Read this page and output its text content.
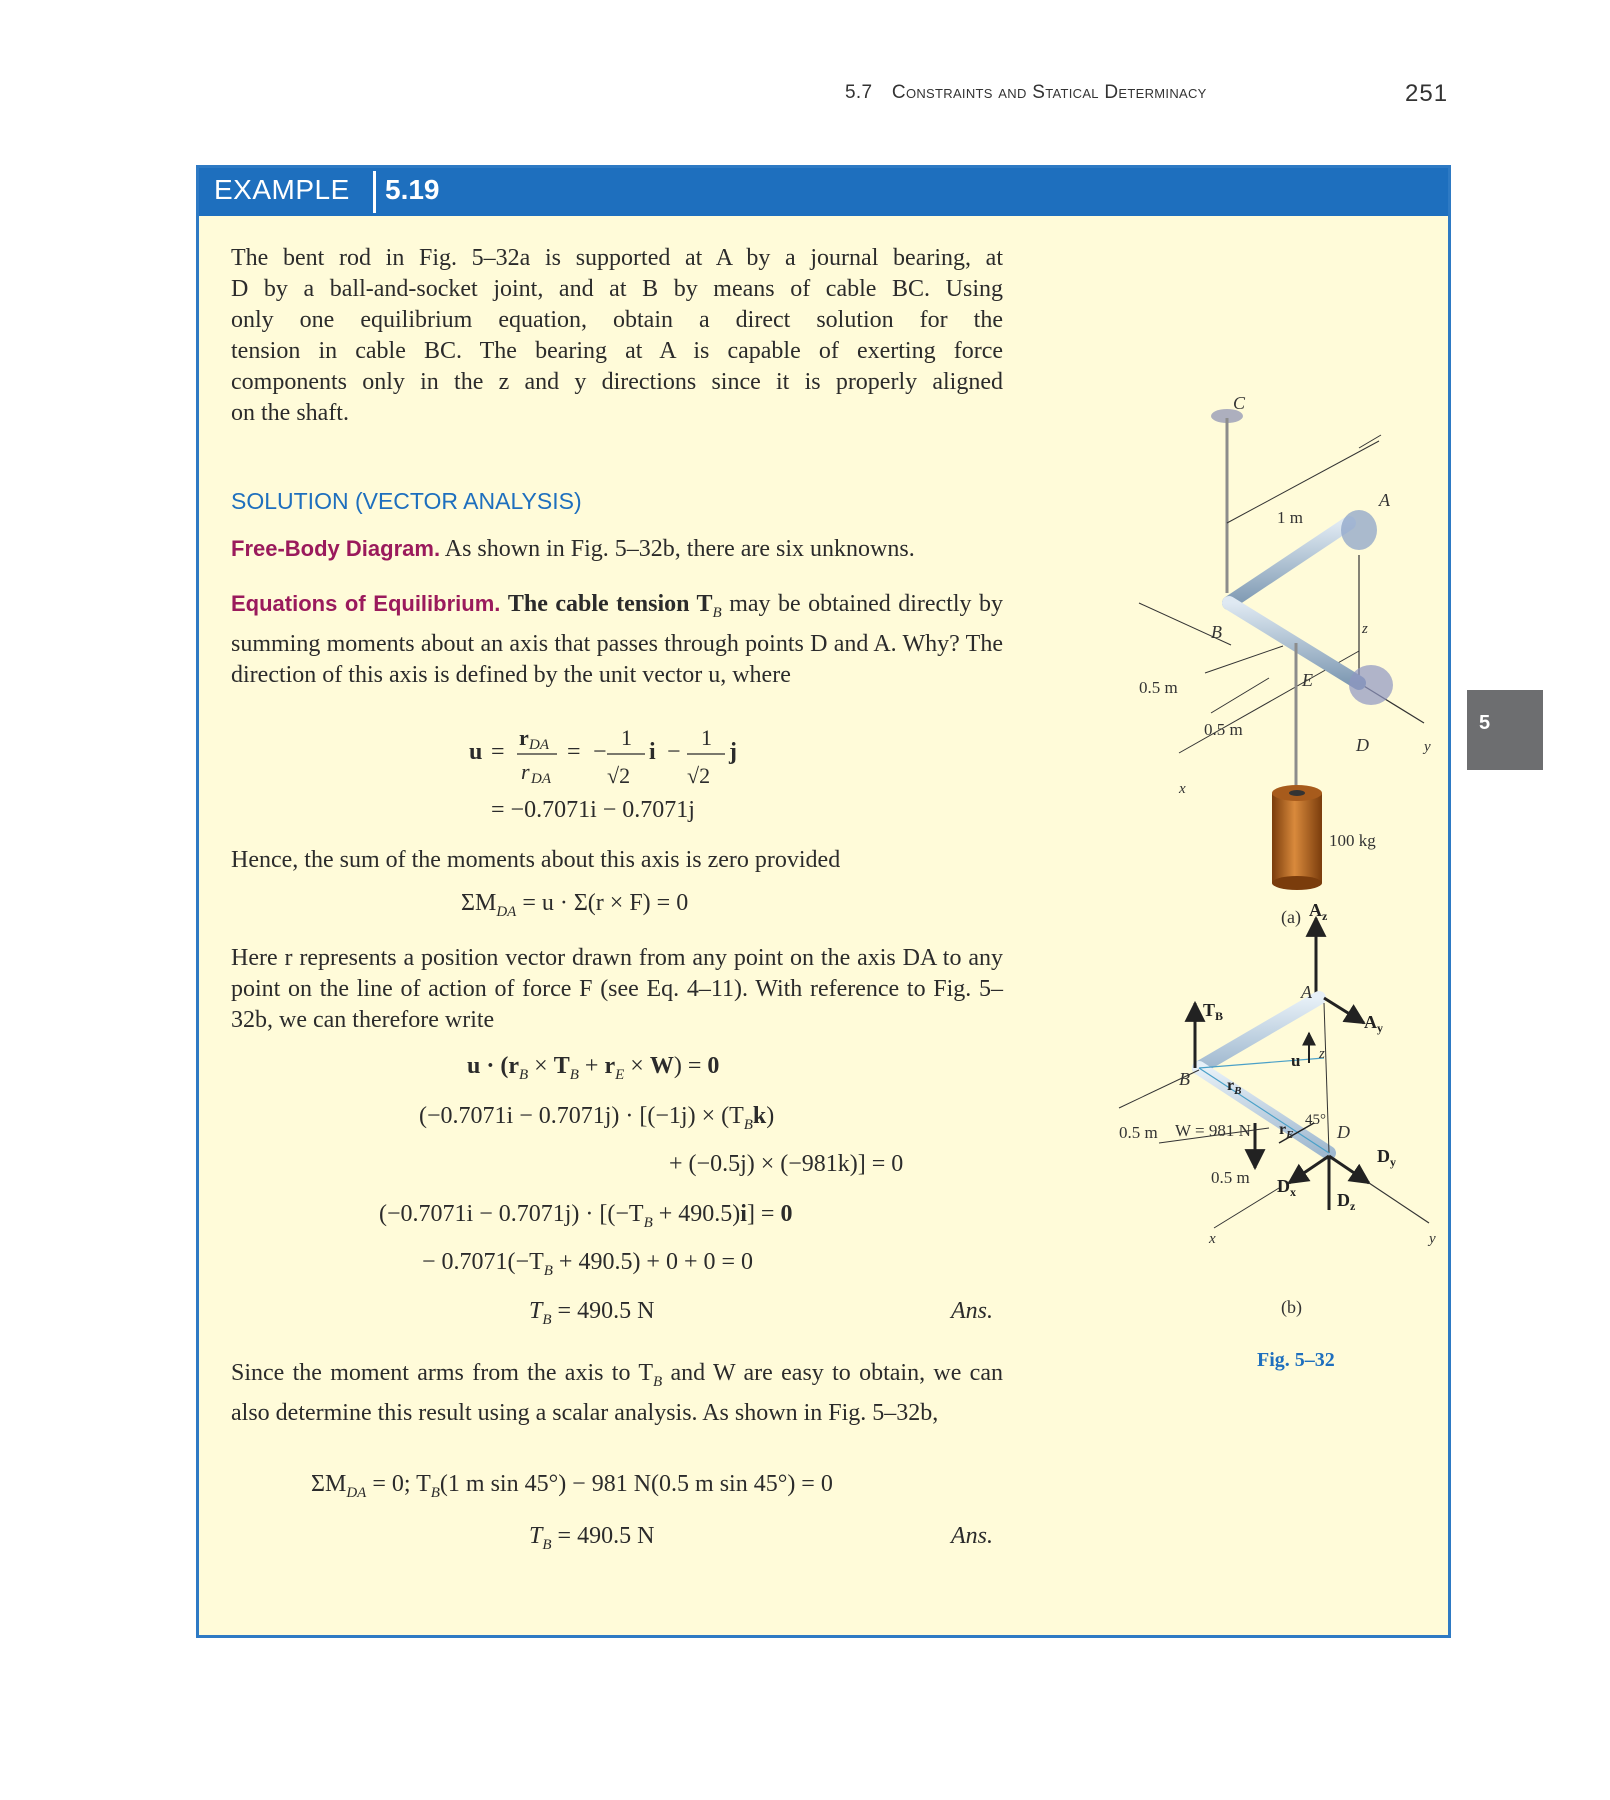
5.7 Constraints and Statical Determinacy	251
5
EXAMPLE 5.19
The bent rod in Fig. 5–32a is supported at A by a journal bearing, at
D by a ball-and-socket joint, and at B by means of cable BC. Using
only one equilibrium equation, obtain a direct solution for the
tension in cable BC. The bearing at A is capable of exerting force
components only in the z and y directions since it is properly aligned
on the shaft.
SOLUTION (VECTOR ANALYSIS)
Free-Body Diagram. As shown in Fig. 5–32b, there are six unknowns.
Equations of Equilibrium. The cable tension $T_B$ may be obtained directly by summing moments about an axis that passes through points D and A. Why? The direction of this axis is defined by the unit vector u, where
u =
r DA
r DA
= −
1
√2
i −
1
√2
j
= −0.7071i − 0.7071j
Hence, the sum of the moments about this axis is zero provided
$\Sigma M_{DA} = u \cdot \Sigma(r \times F) = 0$
Here r represents a position vector drawn from any point on the axis DA to any point on the line of action of force F (see Eq. 4–11). With reference to Fig. 5–32b, we can therefore write
$u \cdot (r_B \times T_B + r_E \times W) = 0$
$(-0.7071i - 0.7071j) \cdot [(-1j) \times (T_Bk)$
+ (−0.5j) × (−981k)] = 0
$(-0.7071i - 0.7071j) \cdot [(-T_B + 490.5)i] = 0$
− $0.7071(-T_B + 490.5) + 0 + 0 = 0$
$T_B = 490.5$ N	Ans.
Since the moment arms from the axis to $T_B$ and W are easy to obtain, we can also determine this result using a scalar analysis. As shown in Fig. 5–32b,
$\Sigma M_{DA} = 0$; $T_B(1$ m sin 45°) − 981 N(0.5 m sin 45°) = 0
$T_B = 490.5$ N	Ans.
C
A
1 m
B	z
E
0.5 m
D	y
0.5 m
x
100 kg
(a) $A_z$
A
$A_y$
$T_B$
u z
B $r_B$
45°
0.5 m W = 981 N $r_E$ D
$D_y$
0.5 m $D_x$ $D_z$
x	y
(b)
Fig. 5–32
